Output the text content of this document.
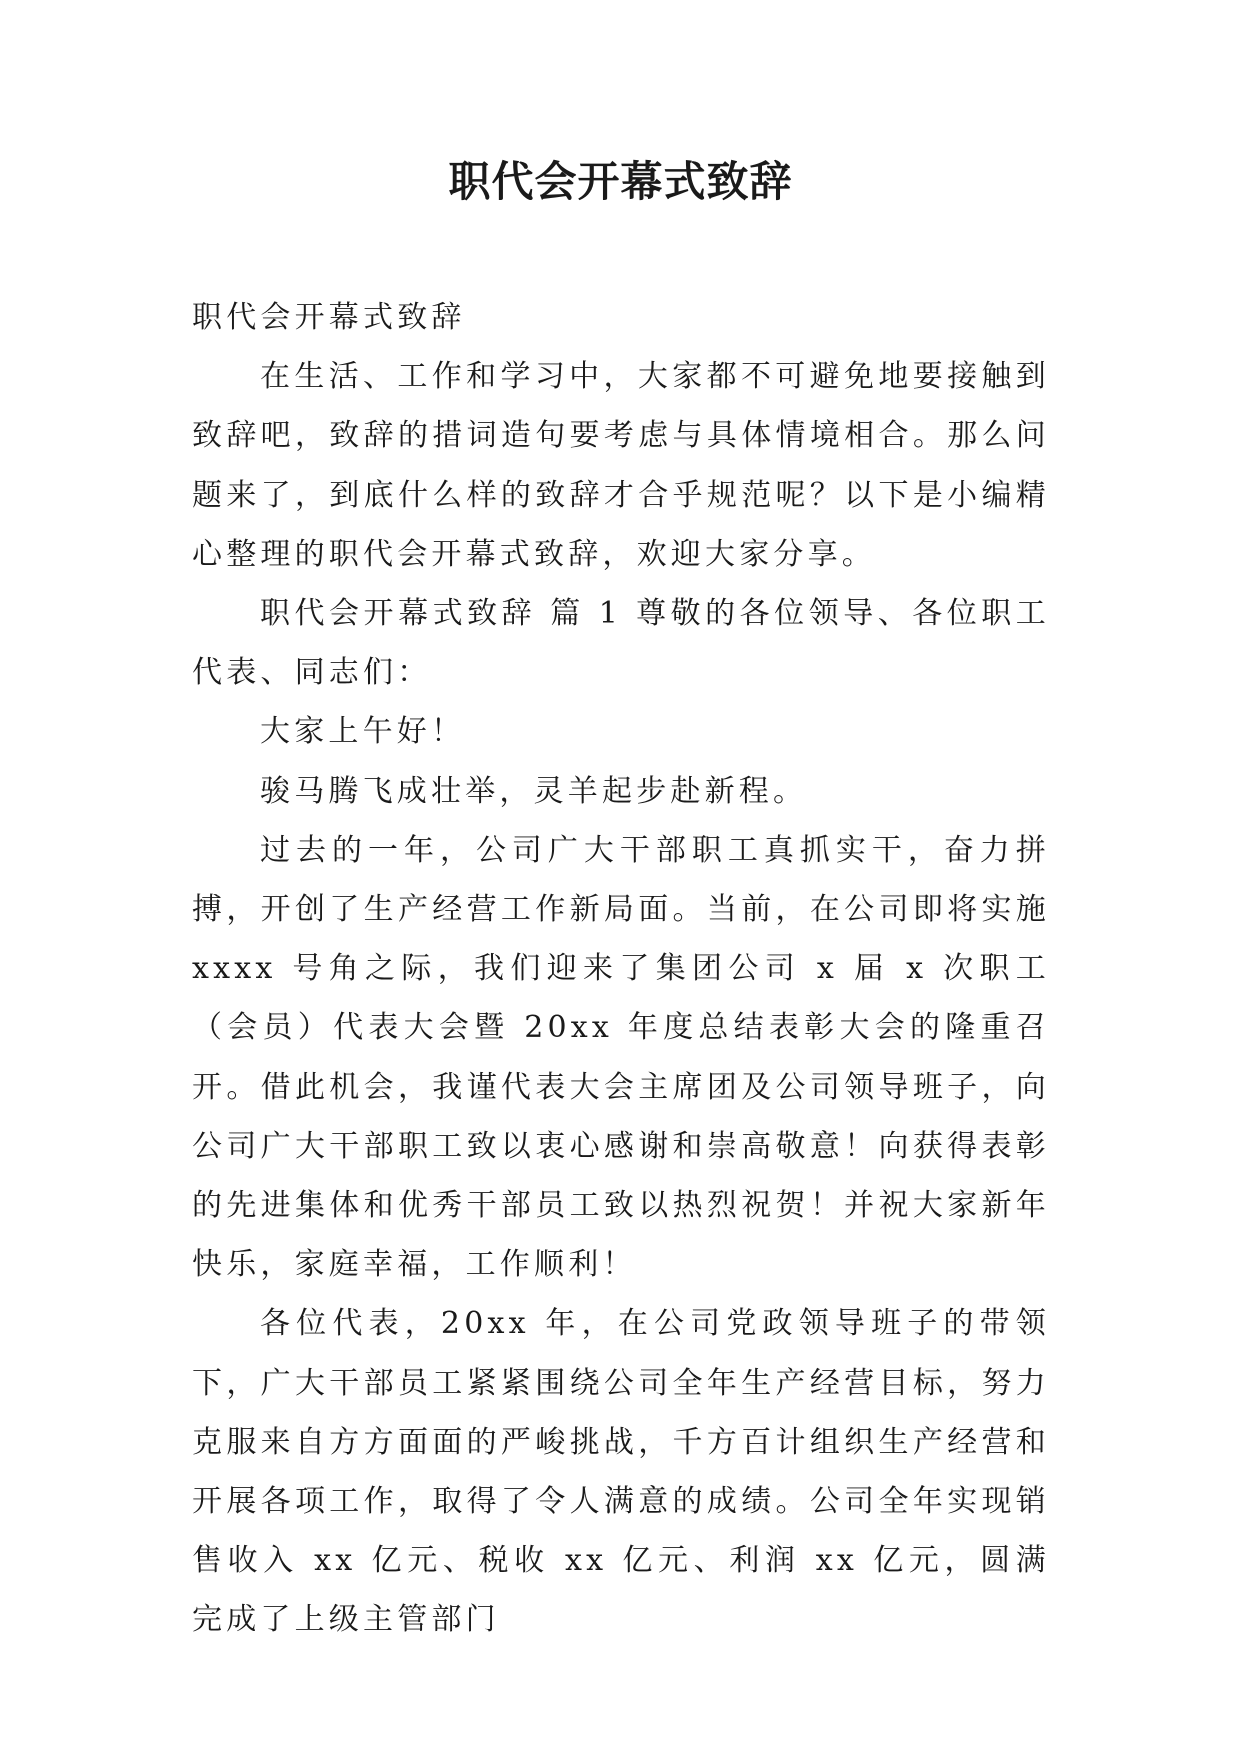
职代会开幕式致辞

职代会开幕式致辞

在生活、工作和学习中，大家都不可避免地要接触到致辞吧，致辞的措词造句要考虑与具体情境相合。那么问题来了，到底什么样的致辞才合乎规范呢？以下是小编精心整理的职代会开幕式致辞，欢迎大家分享。

职代会开幕式致辞 篇 1 尊敬的各位领导、各位职工代表、同志们：

大家上午好！

骏马腾飞成壮举，灵羊起步赴新程。

过去的一年，公司广大干部职工真抓实干，奋力拼搏，开创了生产经营工作新局面。当前，在公司即将实施 xxxx 号角之际，我们迎来了集团公司 x 届 x 次职工（会员）代表大会暨 20xx 年度总结表彰大会的隆重召开。借此机会，我谨代表大会主席团及公司领导班子，向公司广大干部职工致以衷心感谢和崇高敬意！向获得表彰的先进集体和优秀干部员工致以热烈祝贺！并祝大家新年快乐，家庭幸福，工作顺利！

各位代表，20xx 年，在公司党政领导班子的带领下，广大干部员工紧紧围绕公司全年生产经营目标，努力克服来自方方面面的严峻挑战，千方百计组织生产经营和开展各项工作，取得了令人满意的成绩。公司全年实现销售收入 xx 亿元、税收 xx 亿元、利润 xx 亿元，圆满完成了上级主管部门
